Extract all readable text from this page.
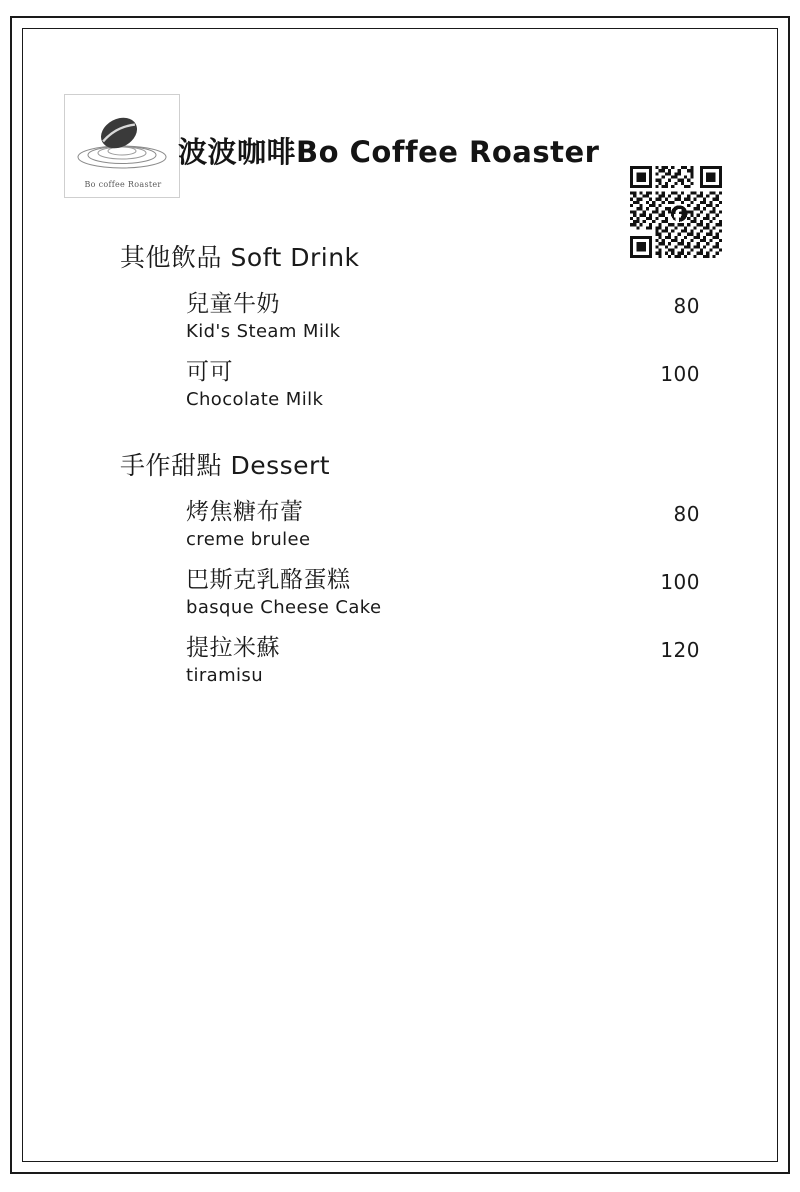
Bo coffee Roaster
波波咖啡Bo Coffee Roaster
其他飲品 Soft Drink
兒童牛奶
Kid's Steam Milk
80
可可
Chocolate Milk
100
手作甜點 Dessert
烤焦糖布蕾
creme brulee
80
巴斯克乳酪蛋糕
basque Cheese Cake
100
提拉米蘇
tiramisu
120
